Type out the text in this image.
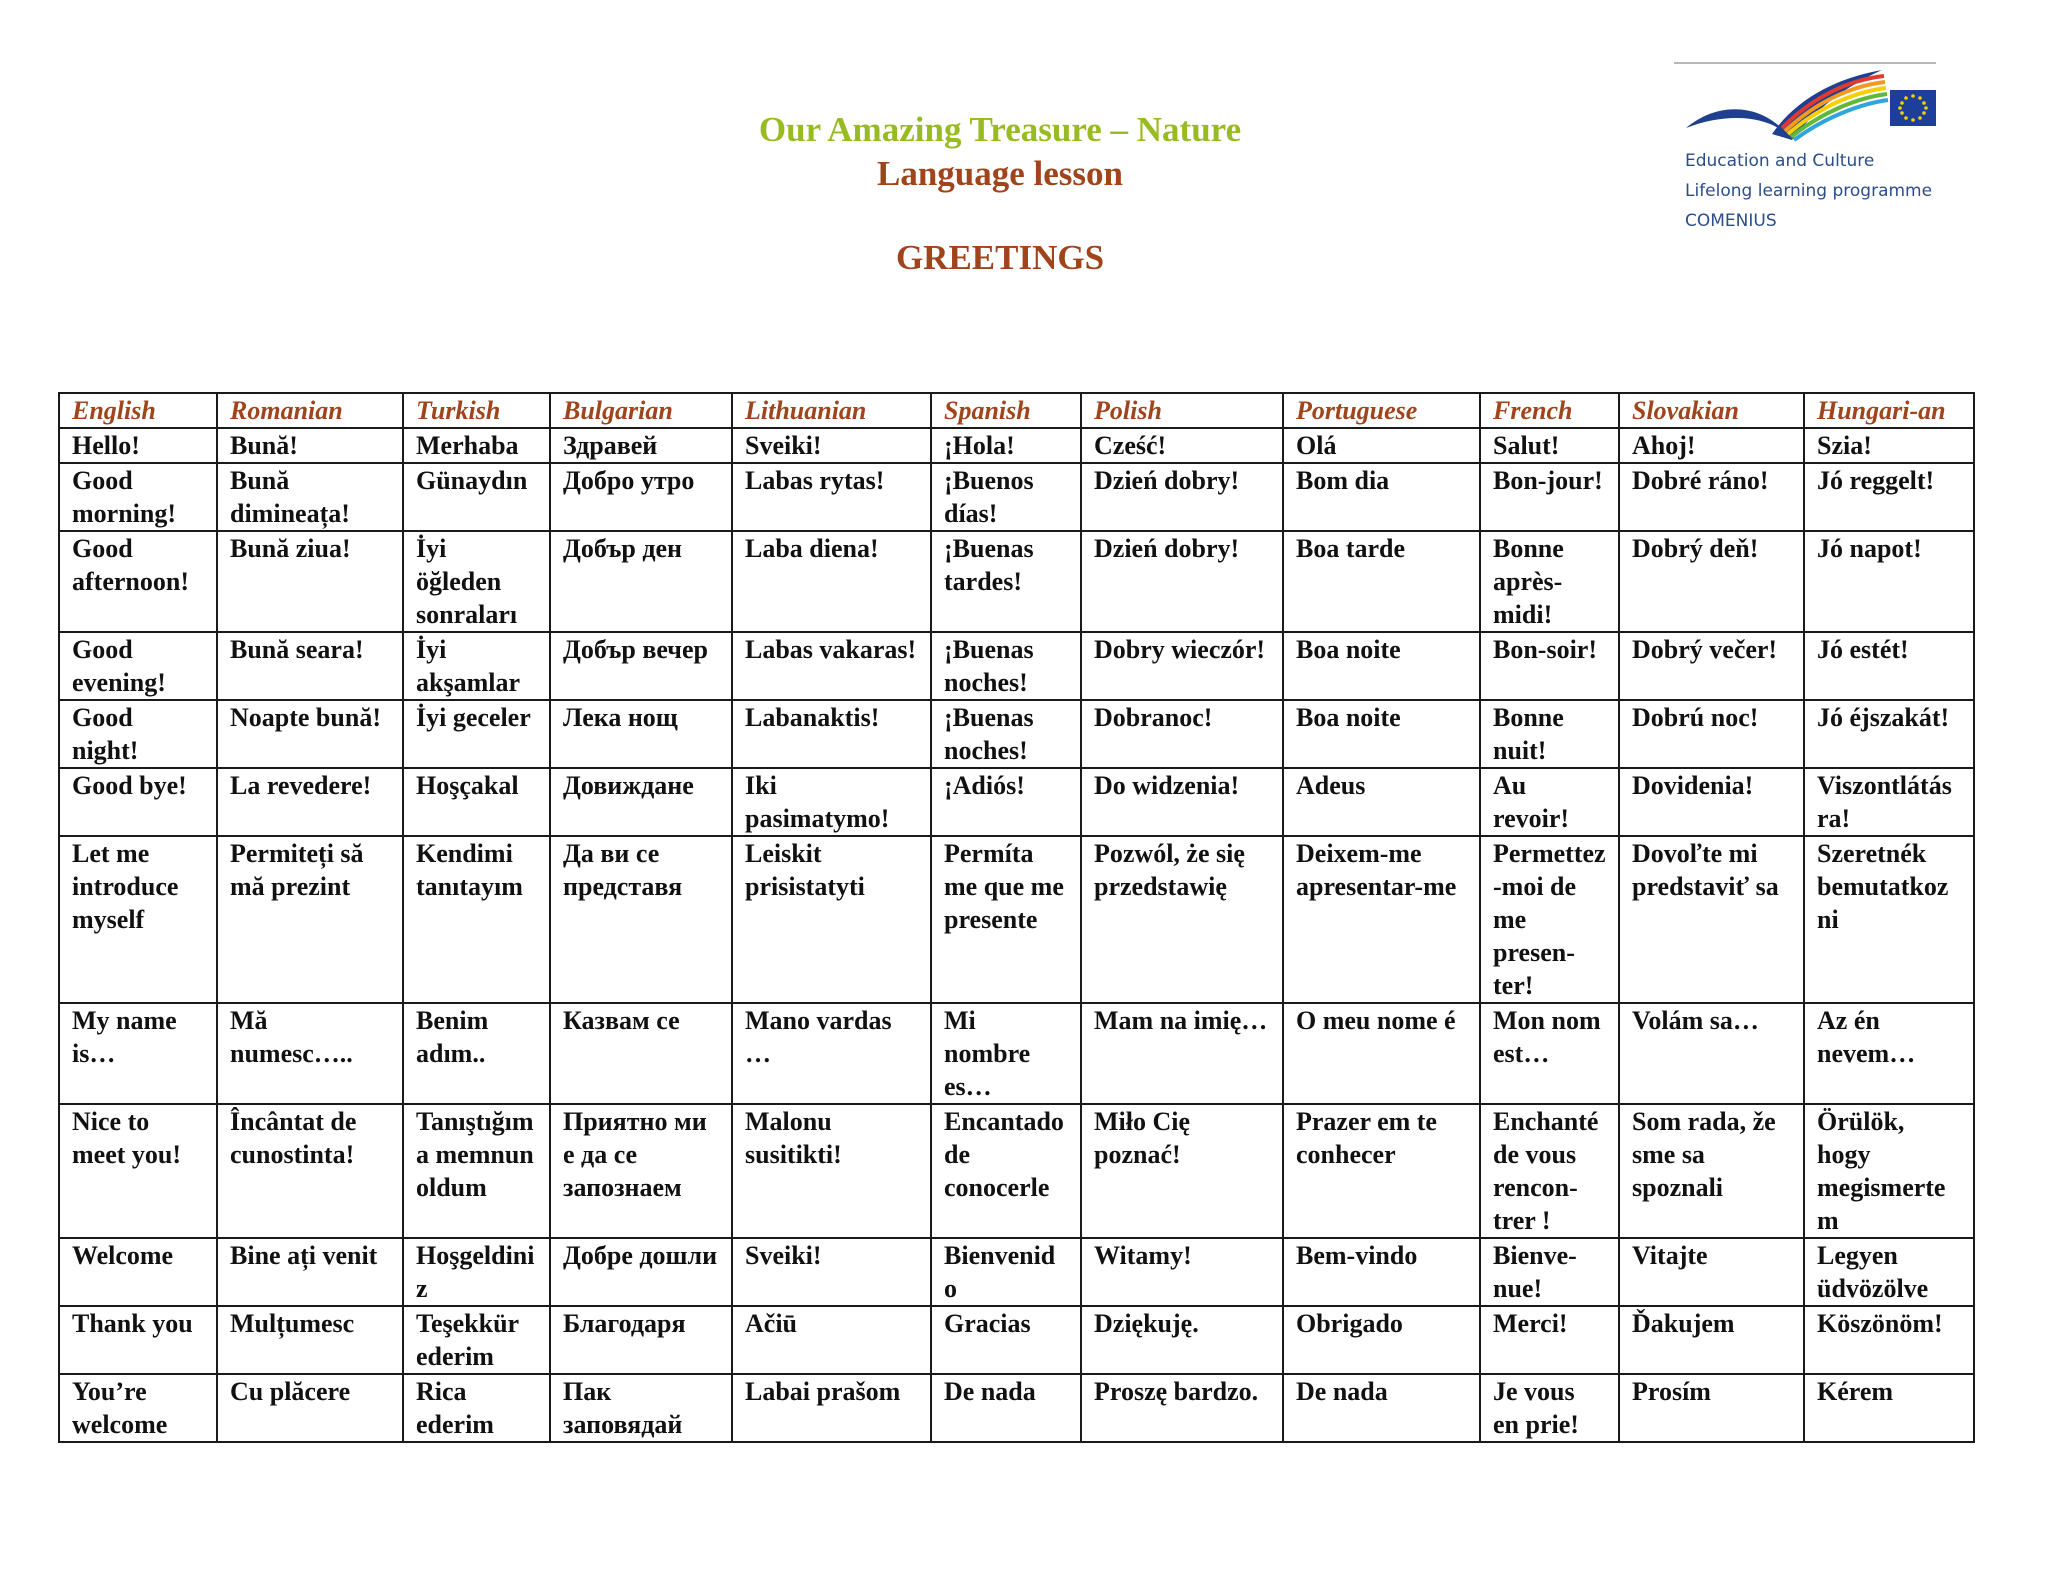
Our Amazing Treasure – Nature
Language lesson
GREETINGS
Education and Culture
Lifelong learning programme
COMENIUS
English	Romanian	Turkish	Bulgarian	Lithuanian	Spanish	Polish	Portuguese	French	Slovakian	Hungari-an
Hello!	Bună!	Merhaba	Здравей	Sveiki!	¡Hola!	Cześć!	Olá	Salut!	Ahoj!	Szia!
Good morning!	Bună dimineața!	Günaydın	Добро утро	Labas rytas!	¡Buenos días!	Dzień dobry!	Bom dia	Bon-jour!	Dobré ráno!	Jó reggelt!
Good afternoon!	Bună ziua!	İyi öğleden sonraları	Добър ден	Laba diena!	¡Buenas tardes!	Dzień dobry!	Boa tarde	Bonne après-midi!	Dobrý deň!	Jó napot!
Good evening!	Bună seara!	İyi akşamlar	Добър вечер	Labas vakaras!	¡Buenas noches!	Dobry wieczór!	Boa noite	Bon-soir!	Dobrý večer!	Jó estét!
Good night!	Noapte bună!	İyi geceler	Лека нощ	Labanaktis!	¡Buenas noches!	Dobranoc!	Boa noite	Bonne nuit!	Dobrú noc!	Jó éjszakát!
Good bye!	La revedere!	Hoşçakal	Довиждане	Iki pasimatymo!	¡Adiós!	Do widzenia!	Adeus	Au revoir!	Dovidenia!	Viszontlátásra!
Let me introduce myself	Permiteți să mă prezint	Kendimi tanıtayım	Да ви се представя	Leiskit prisistatyti	Permíta me que me presente	Pozwól, że się przedstawię	Deixem-me apresentar-me	Permettez-moi de me presen-ter!	Dovoľte mi predstaviť sa	Szeretnék bemutatkozni
My name is…	Mă numesc…..	Benim adım..	Казвам се	Mano vardas …	Mi nombre es…	Mam na imię…	O meu nome é	Mon nom est…	Volám sa…	Az én nevem…
Nice to meet you!	Încântat de cunostinta!	Tanıştığıma memnun oldum	Приятно ми е да се запознаем	Malonu susitikti!	Encantado de conocerle	Miło Cię poznać!	Prazer em te conhecer	Enchanté de vous rencon-trer !	Som rada, že sme sa spoznali	Örülök, hogy megismertem
Welcome	Bine ați venit	Hoşgeldiniz	Добре дошли	Sveiki!	Bienvenido	Witamy!	Bem-vindo	Bienve-nue!	Vitajte	Legyen üdvözölve
Thank you	Mulțumesc	Teşekkür ederim	Благодаря	Ačiū	Gracias	Dziękuję.	Obrigado	Merci!	Ďakujem	Köszönöm!
You’re welcome	Cu plăcere	Rica ederim	Пак заповядай	Labai prašom	De nada	Proszę bardzo.	De nada	Je vous en prie!	Prosím	Kérem
